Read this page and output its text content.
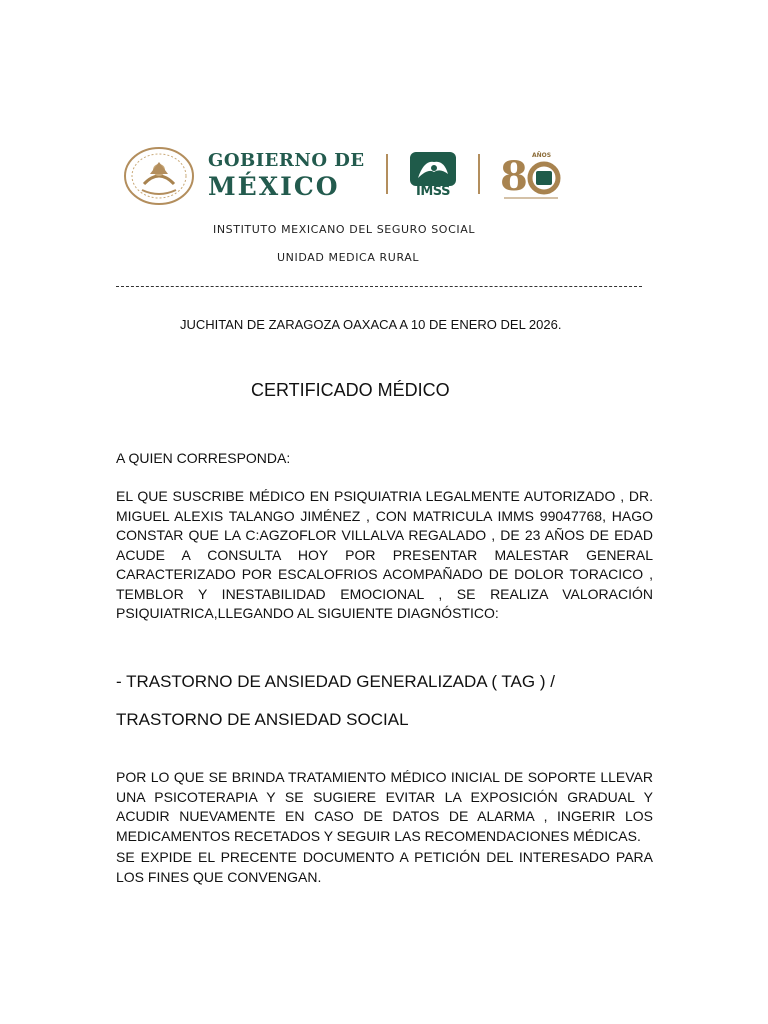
GOBIERNO DE
MÉXICO	IMSS 8 AÑOS
INSTITUTO MEXICANO DEL SEGURO SOCIAL
UNIDAD MEDICA RURAL
JUCHITAN DE ZARAGOZA OAXACA A 10 DE ENERO DEL 2026.
CERTIFICADO MÉDICO
A QUIEN CORRESPONDA:
EL QUE SUSCRIBE MÉDICO EN PSIQUIATRIA LEGALMENTE AUTORIZADO , DR. MIGUEL ALEXIS TALANGO JIMÉNEZ , CON MATRICULA IMMS 99047768, HAGO CONSTAR QUE LA C:AGZOFLOR VILLALVA REGALADO , DE 23 AÑOS DE EDAD ACUDE A CONSULTA HOY POR PRESENTAR MALESTAR GENERAL CARACTERIZADO POR ESCALOFRIOS ACOMPAÑADO DE DOLOR TORACICO , TEMBLOR Y INESTABILIDAD EMOCIONAL , SE REALIZA VALORACIÓN PSIQUIATRICA,LLEGANDO AL SIGUIENTE DIAGNÓSTICO:
- TRASTORNO DE ANSIEDAD GENERALIZADA ( TAG ) / TRASTORNO DE ANSIEDAD SOCIAL
POR LO QUE SE BRINDA TRATAMIENTO MÉDICO INICIAL DE SOPORTE LLEVAR UNA PSICOTERAPIA Y SE SUGIERE EVITAR LA EXPOSICIÓN GRADUAL Y ACUDIR NUEVAMENTE EN CASO DE DATOS DE ALARMA , INGERIR LOS MEDICAMENTOS RECETADOS Y SEGUIR LAS RECOMENDACIONES MÉDICAS.
SE EXPIDE EL PRECENTE DOCUMENTO A PETICIÓN DEL INTERESADO PARA LOS FINES QUE CONVENGAN.
